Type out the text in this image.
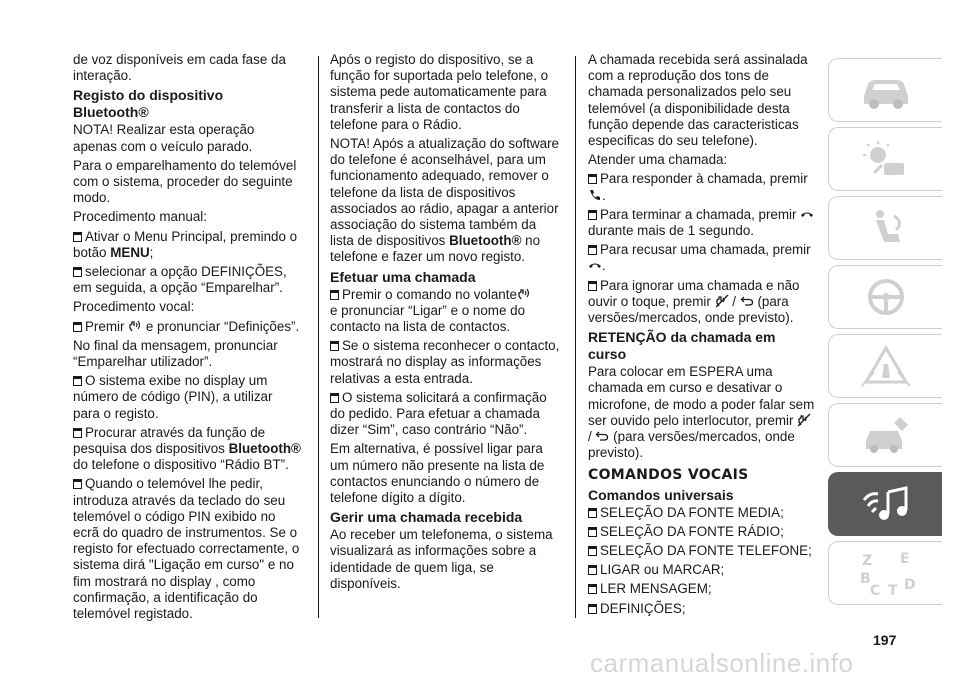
de voz disponíveis em cada fase da interação.

Registo do dispositivo Bluetooth®

NOTA! Realizar esta operação apenas com o veículo parado.

Para o emparelhamento do telemóvel com o sistema, proceder do seguinte modo.

Procedimento manual:

Ativar o Menu Principal, premindo o botão MENU;

selecionar a opção DEFINIÇÕES, em seguida, a opção “Emparelhar”.

Procedimento vocal:

Premir
e pronunciar “Definições”.

No final da mensagem, pronunciar “Emparelhar utilizador”.

O sistema exibe no display um número de código (PIN), a utilizar para o registo.

Procurar através da função de pesquisa dos dispositivos Bluetooth® do telefone o dispositivo “Rádio BT”.

Quando o telemóvel lhe pedir, introduza através da teclado do seu telemóvel o código PIN exibido no ecrã do quadro de instrumentos. Se o registo for efectuado correctamente, o sistema dirá "Ligação em curso" e no fim mostrará no display , como confirmação, a identificação do telemóvel registado.

Após o registo do dispositivo, se a função for suportada pelo telefone, o sistema pede automaticamente para transferir a lista de contactos do telefone para o Rádio.

NOTA! Após a atualização do software do telefone é aconselhável, para um funcionamento adequado, remover o telefone da lista de dispositivos associados ao rádio, apagar a anterior associação do sistema também da lista de dispositivos Bluetooth® no telefone e fazer um novo registo.

Efetuar uma chamada

Premir o comando no volante

e pronunciar “Ligar” e o nome do contacto na lista de contactos.

Se o sistema reconhecer o contacto, mostrará no display as informações relativas a esta entrada.

O sistema solicitará a confirmação do pedido. Para efetuar a chamada dizer “Sim”, caso contrário “Não”.

Em alternativa, é possível ligar para um número não presente na lista de contactos enunciando o número de telefone dígito a dígito.

Gerir uma chamada recebida

Ao receber um telefonema, o sistema visualizará as informações sobre a identidade de quem liga, se disponíveis.

A chamada recebida será assinalada com a reprodução dos tons de chamada personalizados pelo seu telemóvel (a disponibilidade desta função depende das caracteristicas especificas do seu telefone).

Atender uma chamada:

Para responder à chamada, premir

.

Para terminar a chamada, premir

durante mais de 1 segundo.

Para recusar uma chamada, premir

.

Para ignorar uma chamada e não ouvir o toque, premir
/
(para versões/mercados, onde previsto).

RETENÇÃO da chamada em curso

Para colocar em ESPERA uma chamada em curso e desativar o microfone, de modo a poder falar sem ser ouvido pelo interlocutor, premir

/
(para versões/mercados, onde previsto).

COMANDOS VOCAIS
Comandos universais

SELEÇÃO DA FONTE MEDIA;

SELEÇÃO DA FONTE RÁDIO;

SELEÇÃO DA FONTE TELEFONE;

LIGAR ou MARCAR;

LER MENSAGEM;

DEFINIÇÕES;

Z E
B
C D
T
197
carmanualsonline.info
